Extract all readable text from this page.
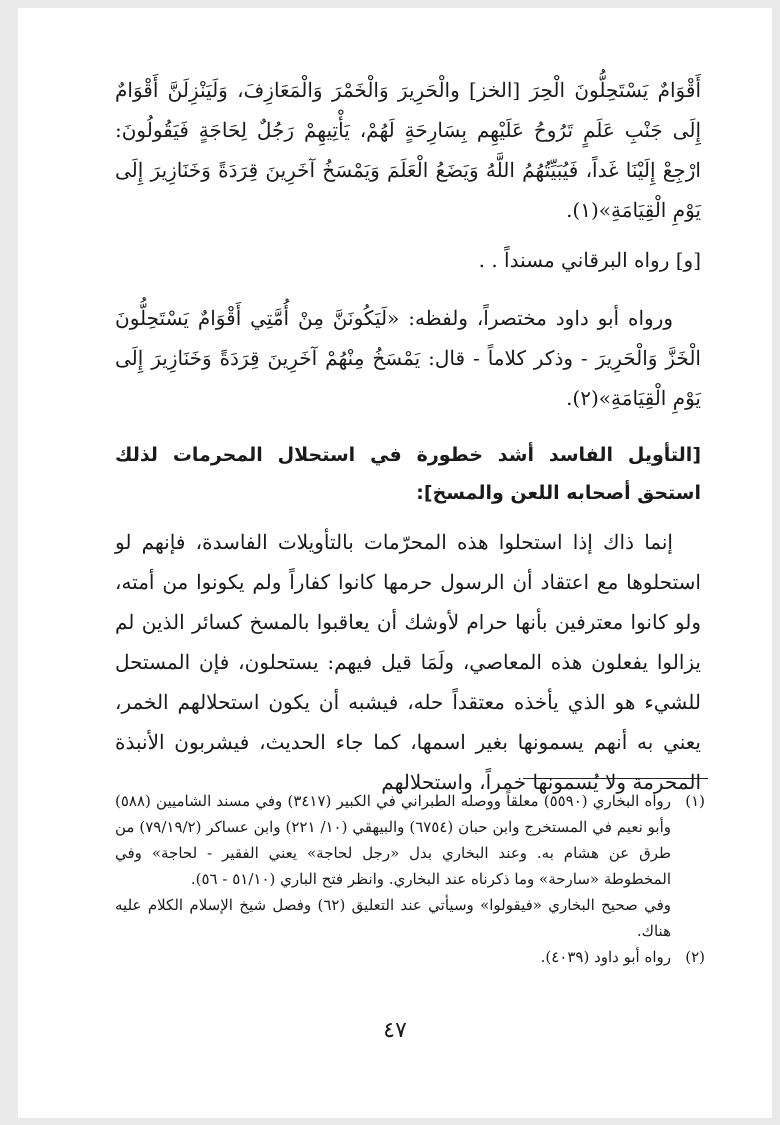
أَقْوَامٌ يَسْتَحِلُّونَ الْحِرَ [الخز] والْحَرِيرَ وَالْخَمْرَ وَالْمَعَازِفَ، وَلَيَنْزِلَنَّ أَقْوَامٌ إِلَى جَنْبِ عَلَمٍ تَرُوحُ عَلَيْهِم بِسَارِحَةٍ لَهُمْ، يَأْتِيهِمْ رَجُلٌ لِحَاجَةٍ فَيَقُولُونَ: ارْجِعْ إِلَيْنَا غَداً، فَيُبَيِّتُهُمُ اللَّهُ وَيَضَعُ الْعَلَمَ وَيَمْسَخُ آخَرِينَ قِرَدَةً وَخَنَازِيرَ إِلَى يَوْمِ الْقِيَامَةِ»(١).

[و] رواه البرقاني مسنداً . .

ورواه أبو داود مختصراً، ولفظه: «لَيَكُونَنَّ مِنْ أُمَّتِي أَقْوَامٌ يَسْتَحِلُّونَ الْخَزَّ وَالْحَرِيرَ - وذكر كلاماً - قال: يَمْسَخُ مِنْهُمْ آخَرِينَ قِرَدَةً وَخَنَازِيرَ إِلَى يَوْمِ الْقِيَامَةِ»(٢).

[التأويل الفاسد أشد خطورة في استحلال المحرمات لذلك استحق أصحابه اللعن والمسخ]:

إنما ذاك إذا استحلوا هذه المحرّمات بالتأويلات الفاسدة، فإنهم لو استحلوها مع اعتقاد أن الرسول حرمها كانوا كفاراً ولم يكونوا من أمته، ولو كانوا معترفين بأنها حرام لأوشك أن يعاقبوا بالمسخ كسائر الذين لم يزالوا يفعلون هذه المعاصي، ولَمَا قيل فيهم: يستحلون، فإن المستحل للشيء هو الذي يأخذه معتقداً حله، فيشبه أن يكون استحلالهم الخمر، يعني به أنهم يسمونها بغير اسمها، كما جاء الحديث، فيشربون الأنبذة المحرمة ولا يُسمونها خمراً، واستحلالهم

(١)
رواه البخاري (٥٥٩٠) معلقاً ووصله الطبراني في الكبير (٣٤١٧) وفي مسند الشاميين (٥٨٨) وأبو نعيم في المستخرج وابن حبان (٦٧٥٤) والبيهقي (١٠/ ٢٢١) وابن عساكر (٧٩/١٩/٢) من طرق عن هشام به. وعند البخاري بدل «رجل لحاجة» يعني الفقير - لحاجة» وفي المخطوطة «سارحة» وما ذكرناه عند البخاري. وانظر فتح الباري (٥١/١٠ - ٥٦).
وفي صحيح البخاري «فيقولوا» وسيأتي عند التعليق (٦٢) وفصل شيخ الإسلام الكلام عليه هناك.
(٢)
رواه أبو داود (٤٠٣٩).
٤٧
